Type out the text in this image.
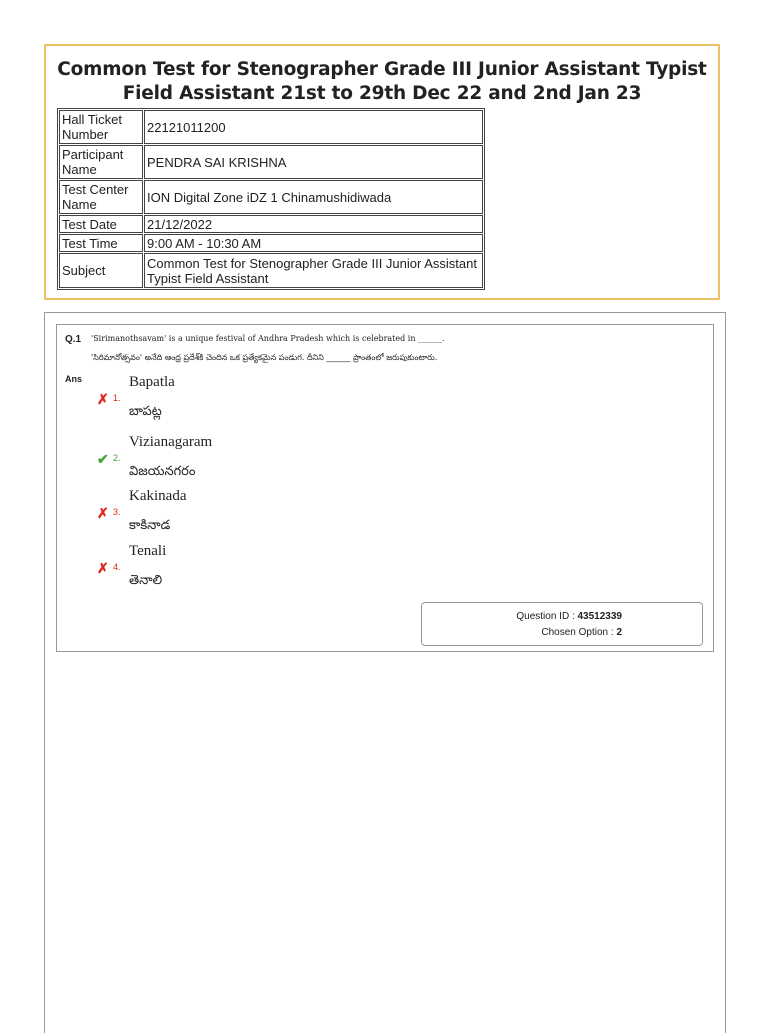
Common Test for Stenographer Grade III Junior Assistant Typist Field Assistant 21st to 29th Dec 22 and 2nd Jan 23
Hall Ticket Number	22121011200
Participant Name	PENDRA SAI KRISHNA
Test Center Name	ION Digital Zone iDZ 1 Chinamushidiwada
Test Date	21/12/2022
Test Time	9:00 AM - 10:30 AM
Subject	Common Test for Stenographer Grade III Junior Assistant Typist Field Assistant
Q.1 'Sirimanothsavam' is a unique festival of Andhra Pradesh which is celebrated in ______.
'సిరిమానోత్సవం' అనేది ఆంధ్ర ప్రదేశ్‌కి చెందిన ఒక ప్రత్యేకమైన పండుగ. దీనిని ______ ప్రాంతంలో జరుపుకుంటారు.
Ans
✗ 1.
Bapatla
బాపట్ల
✔ 2.
Vizianagaram
విజయనగరం
✗ 3.
Kakinada
కాకినాడ
✗ 4.
Tenali
తెనాలి
Question ID : 43512339
Chosen Option : 2
